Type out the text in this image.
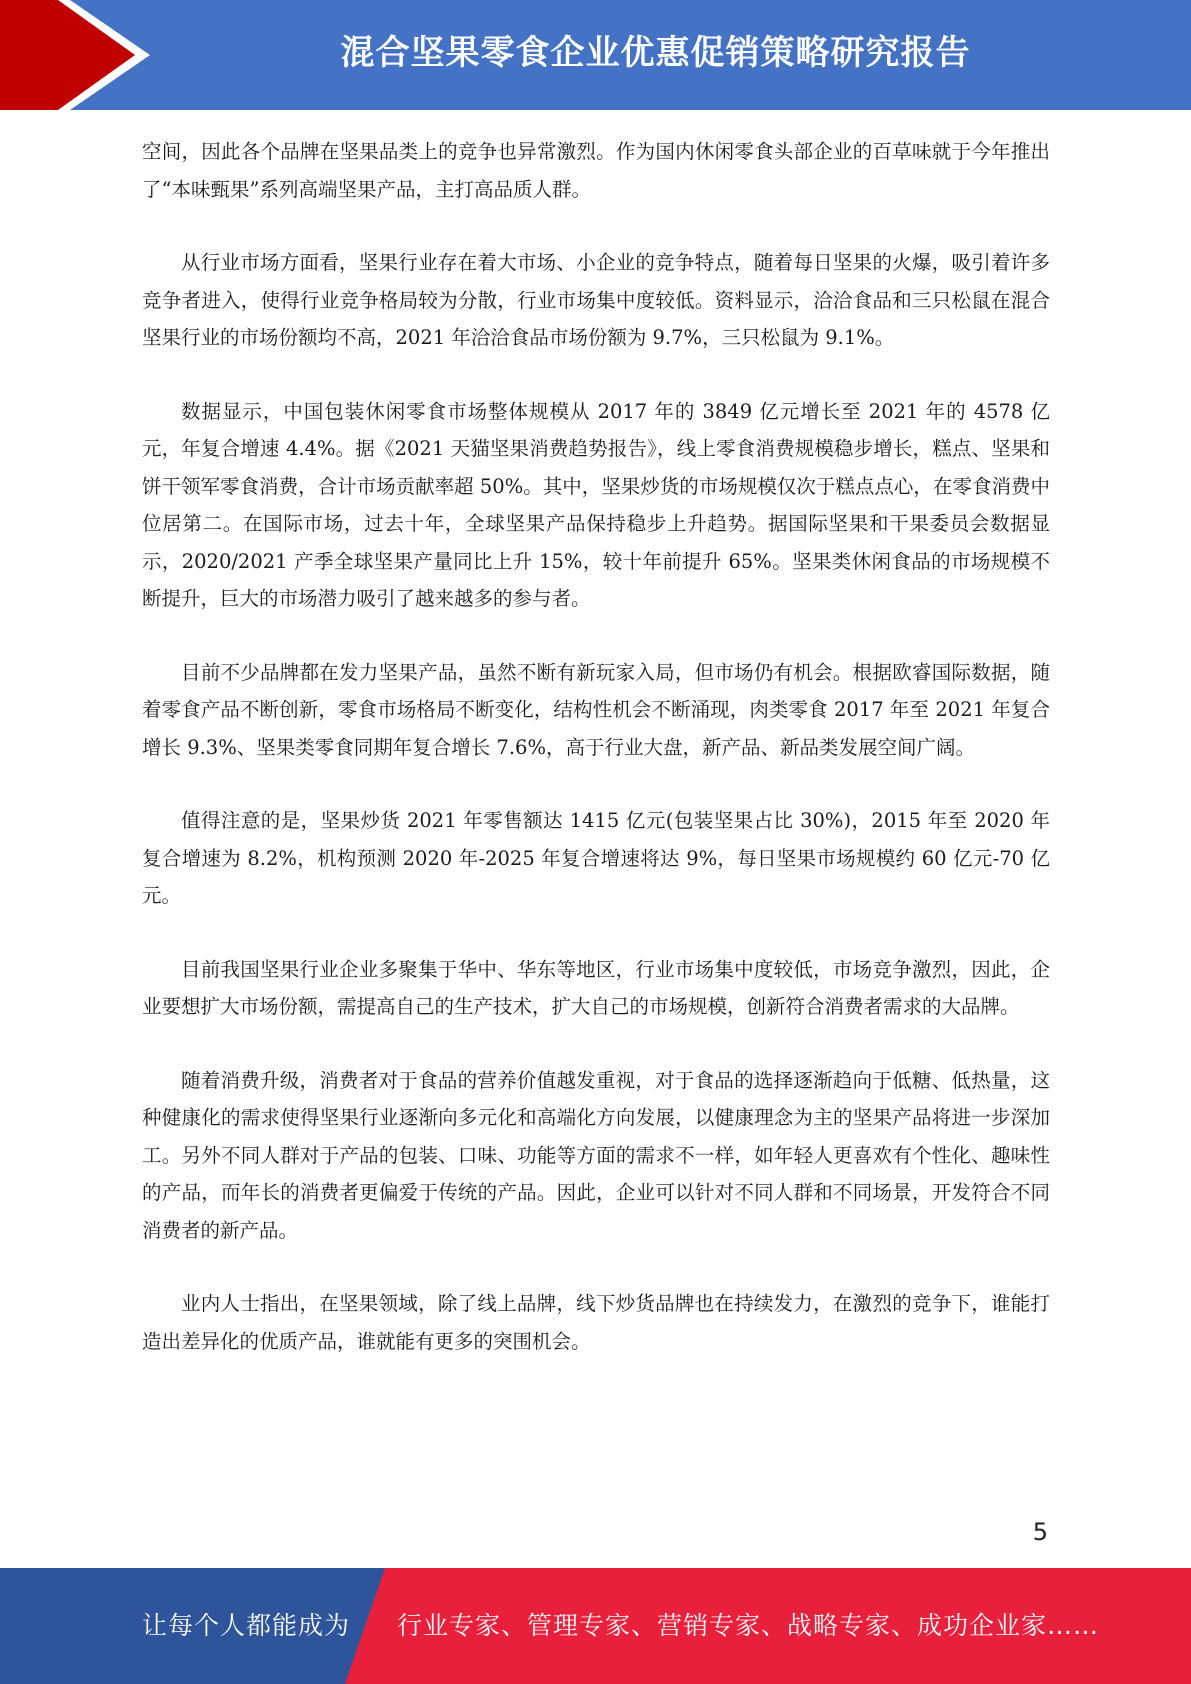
混合坚果零食企业优惠促销策略研究报告

空间，因此各个品牌在坚果品类上的竞争也异常激烈。作为国内休闲零食头部企业的百草味就于今年推出了“本味甄果”系列高端坚果产品，主打高品质人群。

从行业市场方面看，坚果行业存在着大市场、小企业的竞争特点，随着每日坚果的火爆，吸引着许多竞争者进入，使得行业竞争格局较为分散，行业市场集中度较低。资料显示，洽洽食品和三只松鼠在混合坚果行业的市场份额均不高，2021 年洽洽食品市场份额为 9.7%，三只松鼠为 9.1%。

数据显示，中国包装休闲零食市场整体规模从 2017 年的 3849 亿元增长至 2021 年的 4578 亿元，年复合增速 4.4%。据《2021 天猫坚果消费趋势报告》，线上零食消费规模稳步增长，糕点、坚果和饼干领军零食消费，合计市场贡献率超 50%。其中，坚果炒货的市场规模仅次于糕点点心，在零食消费中位居第二。在国际市场，过去十年，全球坚果产品保持稳步上升趋势。据国际坚果和干果委员会数据显示，2020/2021 产季全球坚果产量同比上升 15%，较十年前提升 65%。坚果类休闲食品的市场规模不断提升，巨大的市场潜力吸引了越来越多的参与者。

目前不少品牌都在发力坚果产品，虽然不断有新玩家入局，但市场仍有机会。根据欧睿国际数据，随着零食产品不断创新，零食市场格局不断变化，结构性机会不断涌现，肉类零食 2017 年至 2021 年复合增长 9.3%、坚果类零食同期年复合增长 7.6%，高于行业大盘，新产品、新品类发展空间广阔。

值得注意的是，坚果炒货 2021 年零售额达 1415 亿元(包装坚果占比 30%)，2015 年至 2020 年复合增速为 8.2%，机构预测 2020 年-2025 年复合增速将达 9%，每日坚果市场规模约 60 亿元-70 亿元。

目前我国坚果行业企业多聚集于华中、华东等地区，行业市场集中度较低，市场竞争激烈，因此，企业要想扩大市场份额，需提高自己的生产技术，扩大自己的市场规模，创新符合消费者需求的大品牌。

随着消费升级，消费者对于食品的营养价值越发重视，对于食品的选择逐渐趋向于低糖、低热量，这种健康化的需求使得坚果行业逐渐向多元化和高端化方向发展，以健康理念为主的坚果产品将进一步深加工。另外不同人群对于产品的包装、口味、功能等方面的需求不一样，如年轻人更喜欢有个性化、趣味性的产品，而年长的消费者更偏爱于传统的产品。因此，企业可以针对不同人群和不同场景，开发符合不同消费者的新产品。

业内人士指出，在坚果领域，除了线上品牌，线下炒货品牌也在持续发力，在激烈的竞争下，谁能打造出差异化的优质产品，谁就能有更多的突围机会。

5
让每个人都能成为 行业专家、管理专家、营销专家、战略专家、成功企业家……
